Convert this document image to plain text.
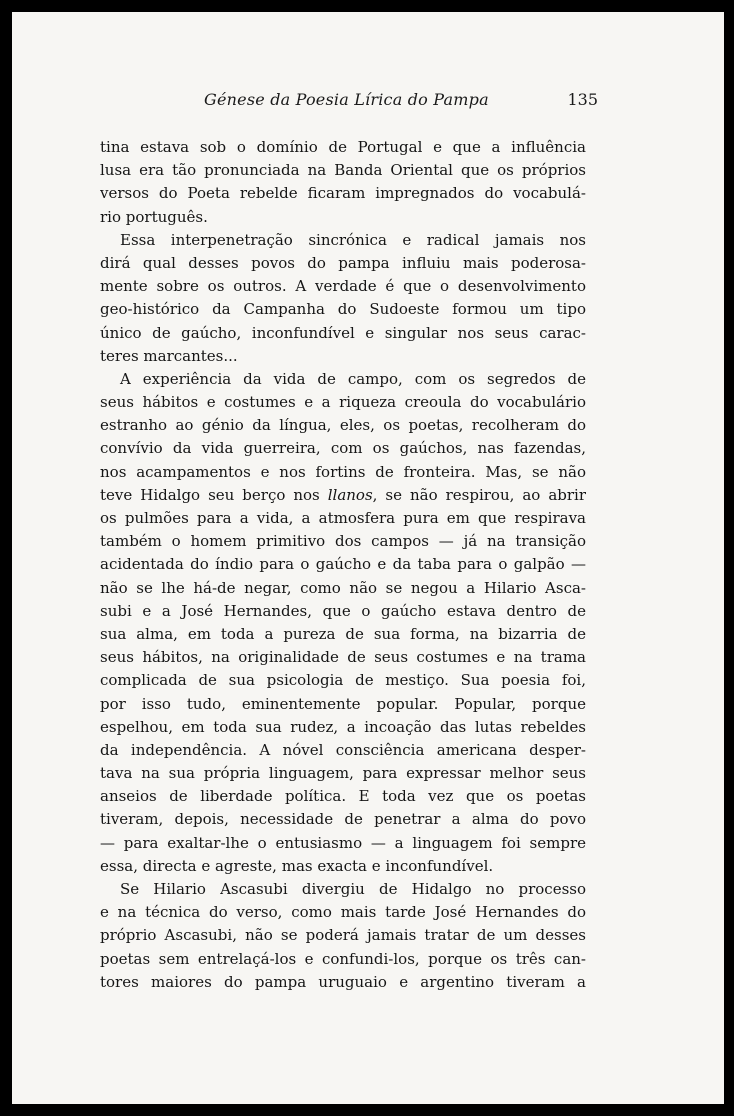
Génese da Poesia Lírica do Pampa	135
tina estava sob o domínio de Portugal e que a influência
lusa era tão pronunciada na Banda Oriental que os próprios
versos do Poeta rebelde ficaram impregnados do vocabulá-
rio português.
Essa interpenetração sincrónica e radical jamais nos
dirá qual desses povos do pampa influiu mais poderosa-
mente sobre os outros. A verdade é que o desenvolvimento
geo-histórico da Campanha do Sudoeste formou um tipo
único de gaúcho, inconfundível e singular nos seus carac-
teres marcantes...
A experiência da vida de campo, com os segredos de
seus hábitos e costumes e a riqueza creoula do vocabulário
estranho ao génio da língua, eles, os poetas, recolheram do
convívio da vida guerreira, com os gaúchos, nas fazendas,
nos acampamentos e nos fortins de fronteira. Mas, se não
teve Hidalgo seu berço nos llanos, se não respirou, ao abrir
os pulmões para a vida, a atmosfera pura em que respirava
também o homem primitivo dos campos — já na transição
acidentada do índio para o gaúcho e da taba para o galpão —
não se lhe há-de negar, como não se negou a Hilario Asca-
subi e a José Hernandes, que o gaúcho estava dentro de
sua alma, em toda a pureza de sua forma, na bizarria de
seus hábitos, na originalidade de seus costumes e na trama
complicada de sua psicologia de mestiço. Sua poesia foi,
por isso tudo, eminentemente popular. Popular, porque
espelhou, em toda sua rudez, a incoação das lutas rebeldes
da independência. A nóvel consciência americana desper-
tava na sua própria linguagem, para expressar melhor seus
anseios de liberdade política. E toda vez que os poetas
tiveram, depois, necessidade de penetrar a alma do povo
— para exaltar-lhe o entusiasmo — a linguagem foi sempre
essa, directa e agreste, mas exacta e inconfundível.
Se Hilario Ascasubi divergiu de Hidalgo no processo
e na técnica do verso, como mais tarde José Hernandes do
próprio Ascasubi, não se poderá jamais tratar de um desses
poetas sem entrelaçá-los e confundi-los, porque os três can-
tores maiores do pampa uruguaio e argentino tiveram a
